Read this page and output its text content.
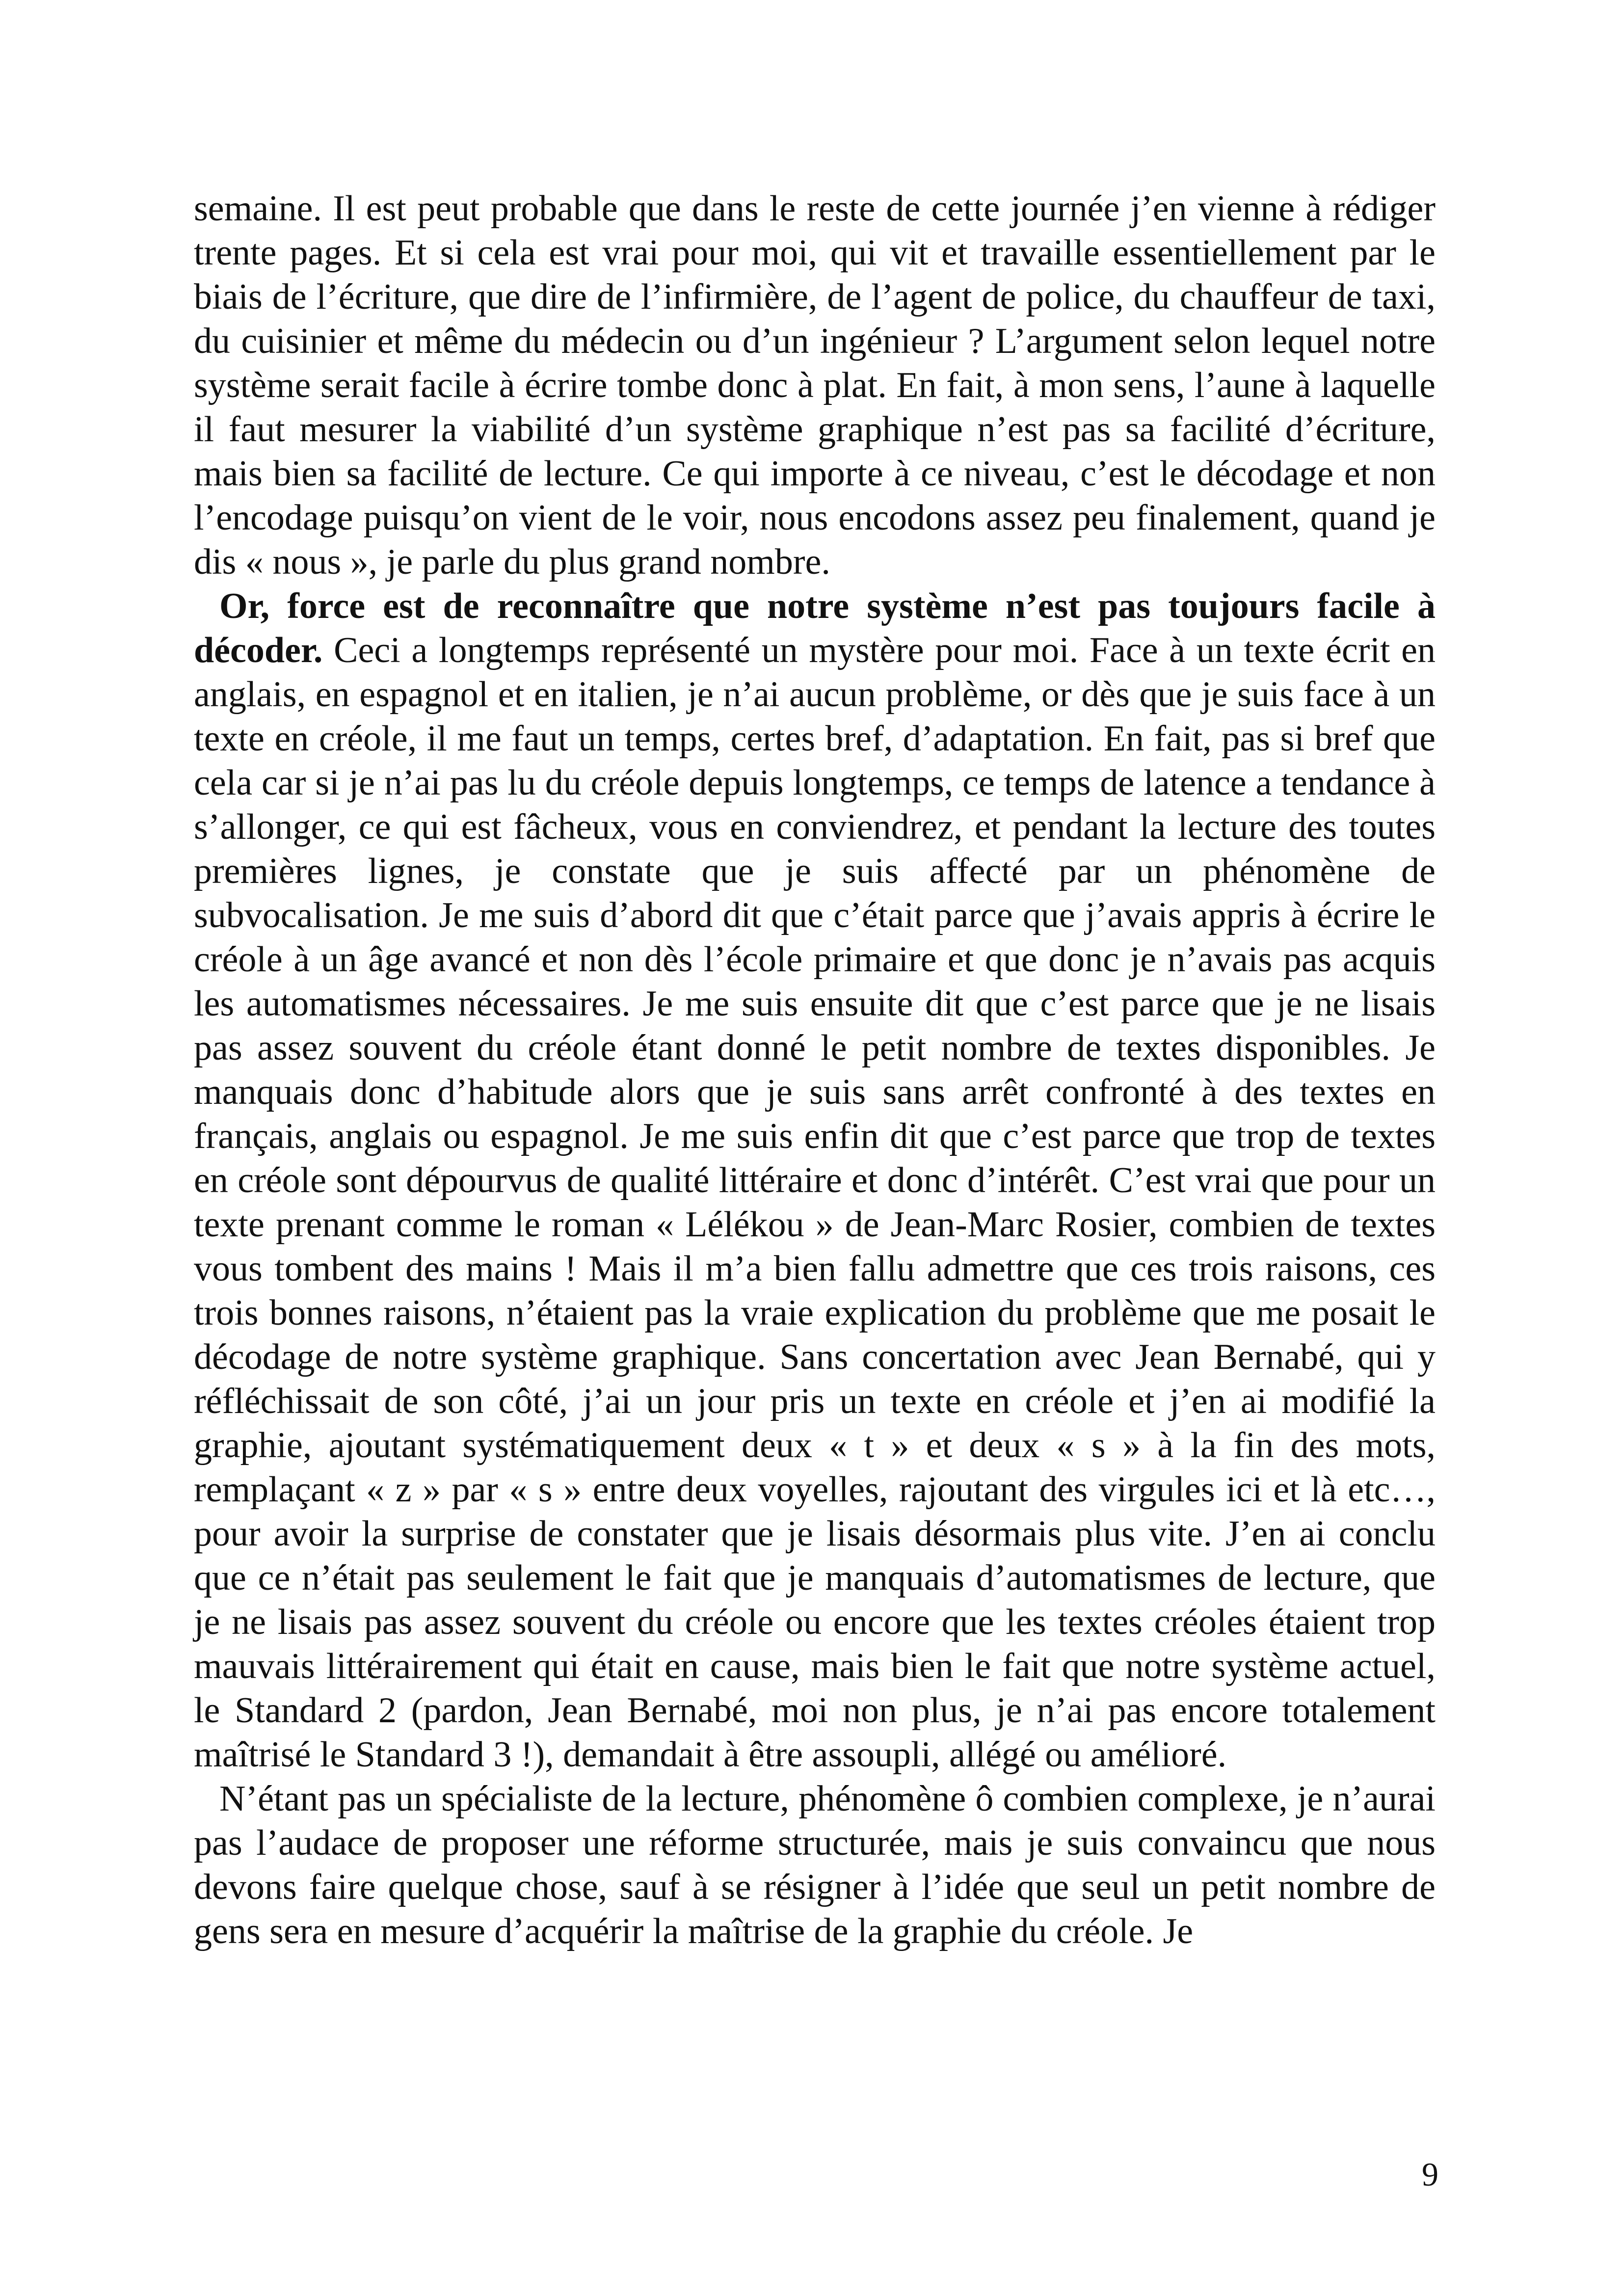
semaine. Il est peut probable que dans le reste de cette journée j’en vienne à rédiger trente pages. Et si cela est vrai pour moi, qui vit et travaille essentiellement par le biais de l’écriture, que dire de l’infirmière, de l’agent de police, du chauffeur de taxi, du cuisinier et même du médecin ou d’un ingénieur ? L’argument selon lequel notre système serait facile à écrire tombe donc à plat. En fait, à mon sens, l’aune à laquelle il faut mesurer la viabilité d’un système graphique n’est pas sa facilité d’écriture, mais bien sa facilité de lecture. Ce qui importe à ce niveau, c’est le décodage et non l’encodage puisqu’on vient de le voir, nous encodons assez peu finalement, quand je dis « nous », je parle du plus grand nombre.

Or, force est de reconnaître que notre système n’est pas toujours facile à décoder. Ceci a longtemps représenté un mystère pour moi. Face à un texte écrit en anglais, en espagnol et en italien, je n’ai aucun problème, or dès que je suis face à un texte en créole, il me faut un temps, certes bref, d’adaptation. En fait, pas si bref que cela car si je n’ai pas lu du créole depuis longtemps, ce temps de latence a tendance à s’allonger, ce qui est fâcheux, vous en conviendrez, et pendant la lecture des toutes premières lignes, je constate que je suis affecté par un phénomène de subvocalisation. Je me suis d’abord dit que c’était parce que j’avais appris à écrire le créole à un âge avancé et non dès l’école primaire et que donc je n’avais pas acquis les automatismes nécessaires. Je me suis ensuite dit que c’est parce que je ne lisais pas assez souvent du créole étant donné le petit nombre de textes disponibles. Je manquais donc d’habitude alors que je suis sans arrêt confronté à des textes en français, anglais ou espagnol. Je me suis enfin dit que c’est parce que trop de textes en créole sont dépourvus de qualité littéraire et donc d’intérêt. C’est vrai que pour un texte prenant comme le roman « Lélékou » de Jean-Marc Rosier, combien de textes vous tombent des mains ! Mais il m’a bien fallu admettre que ces trois raisons, ces trois bonnes raisons, n’étaient pas la vraie explication du problème que me posait le décodage de notre système graphique. Sans concertation avec Jean Bernabé, qui y réfléchissait de son côté, j’ai un jour pris un texte en créole et j’en ai modifié la graphie, ajoutant systématiquement deux « t » et deux « s » à la fin des mots, remplaçant « z » par « s » entre deux voyelles, rajoutant des virgules ici et là etc…, pour avoir la surprise de constater que je lisais désormais plus vite. J’en ai conclu que ce n’était pas seulement le fait que je manquais d’automatismes de lecture, que je ne lisais pas assez souvent du créole ou encore que les textes créoles étaient trop mauvais littérairement qui était en cause, mais bien le fait que notre système actuel, le Standard 2 (pardon, Jean Bernabé, moi non plus, je n’ai pas encore totalement maîtrisé le Standard 3 !), demandait à être assoupli, allégé ou amélioré.

N’étant pas un spécialiste de la lecture, phénomène ô combien complexe, je n’aurai pas l’audace de proposer une réforme structurée, mais je suis convaincu que nous devons faire quelque chose, sauf à se résigner à l’idée que seul un petit nombre de gens sera en mesure d’acquérir la maîtrise de la graphie du créole. Je

9
